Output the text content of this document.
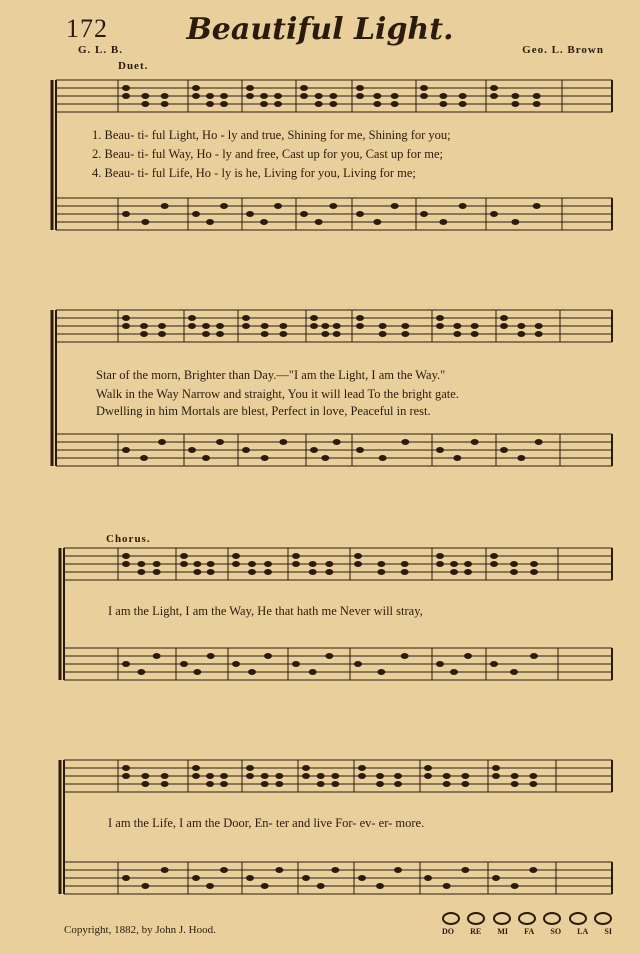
172	Beautiful Light.
G. L. B.	Geo. L. Brown
Duet.
1. Beau- ti- ful Light, Ho - ly and true, Shining for me, Shining for you;
2. Beau- ti- ful Way, Ho - ly and free, Cast up for you, Cast up for me;
4. Beau- ti- ful Life, Ho - ly is he, Living for you, Living for me;
Star of the morn, Brighter than Day.—"I am the Light, I am the Way."
Walk in the Way Narrow and straight, You it will lead To the bright gate.
Dwelling in him Mortals are blest, Perfect in love, Peaceful in rest.
Chorus.
I am the Light, I am the Way, He that hath me Never will stray,
I am the Life, I am the Door, En- ter and live For- ev- er- more.
Copyright, 1882, by John J. Hood.	DO RE MI FA SO LA SI
